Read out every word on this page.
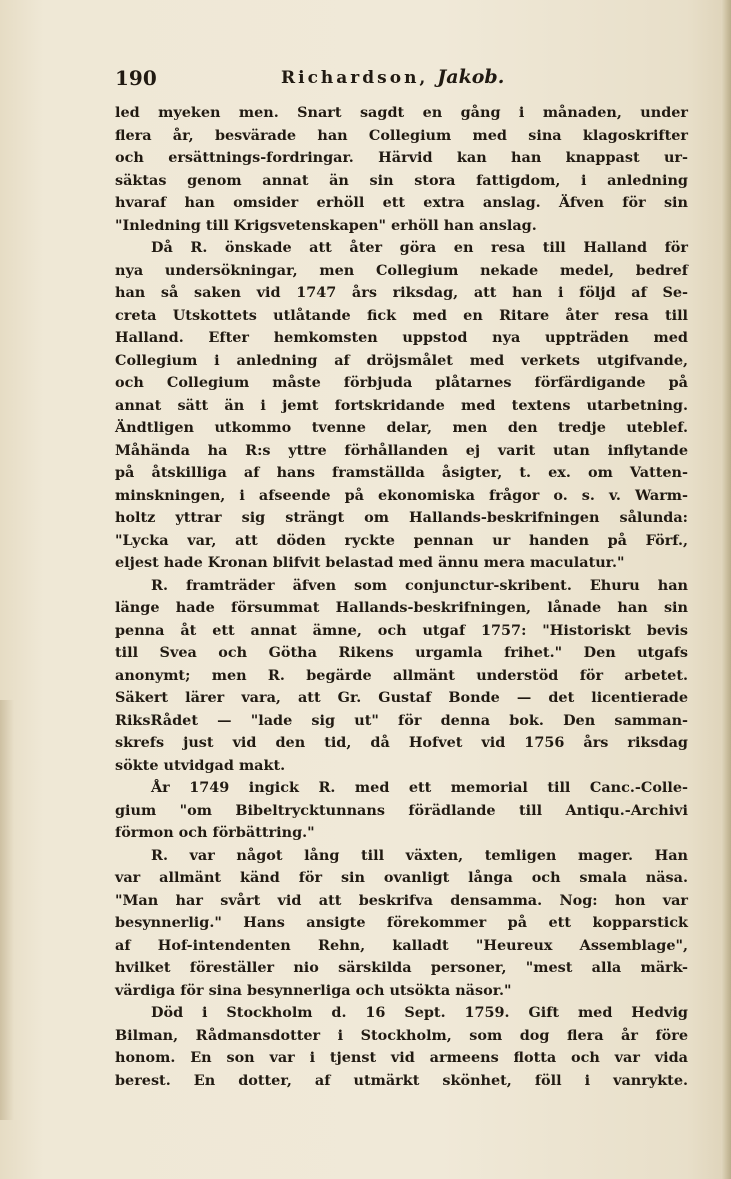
190	Richardson, Jakob.
led myeken men. Snart sagdt en gång i månaden, under
flera år, besvärade han Collegium med sina klagoskrifter
och ersättnings-fordringar. Härvid kan han knappast ur-
säktas genom annat än sin stora fattigdom, i anledning
hvaraf han omsider erhöll ett extra anslag. Äfven för sin
"Inledning till Krigsvetenskapen" erhöll han anslag.
Då R. önskade att åter göra en resa till Halland för
nya undersökningar, men Collegium nekade medel, bedref
han så saken vid 1747 års riksdag, att han i följd af Se-
creta Utskottets utlåtande fick med en Ritare åter resa till
Halland. Efter hemkomsten uppstod nya uppträden med
Collegium i anledning af dröjsmålet med verkets utgifvande,
och Collegium måste förbjuda plåtarnes förfärdigande på
annat sätt än i jemt fortskridande med textens utarbetning.
Ändtligen utkommo tvenne delar, men den tredje uteblef.
Måhända ha R:s yttre förhållanden ej varit utan inflytande
på åtskilliga af hans framställda åsigter, t. ex. om Vatten-
minskningen, i afseende på ekonomiska frågor o. s. v. Warm-
holtz yttrar sig strängt om Hallands-beskrifningen sålunda:
"Lycka var, att döden ryckte pennan ur handen på Förf.,
eljest hade Kronan blifvit belastad med ännu mera maculatur."
R. framträder äfven som conjunctur-skribent. Ehuru han
länge hade försummat Hallands-beskrifningen, lånade han sin
penna åt ett annat ämne, och utgaf 1757: "Historiskt bevis
till Svea och Götha Rikens urgamla frihet." Den utgafs
anonymt; men R. begärde allmänt understöd för arbetet.
Säkert lärer vara, att Gr. Gustaf Bonde — det licentierade
RiksRådet — "lade sig ut" för denna bok. Den samman-
skrefs just vid den tid, då Hofvet vid 1756 års riksdag
sökte utvidgad makt.
År 1749 ingick R. med ett memorial till Canc.-Colle-
gium "om Bibeltrycktunnans förädlande till Antiqu.-Archivi
förmon och förbättring."
R. var något lång till växten, temligen mager. Han
var allmänt känd för sin ovanligt långa och smala näsa.
"Man har svårt vid att beskrifva densamma. Nog: hon var
besynnerlig." Hans ansigte förekommer på ett kopparstick
af Hof-intendenten Rehn, kalladt "Heureux Assemblage",
hvilket föreställer nio särskilda personer, "mest alla märk-
värdiga för sina besynnerliga och utsökta näsor."
Död i Stockholm d. 16 Sept. 1759. Gift med Hedvig
Bilman, Rådmansdotter i Stockholm, som dog flera år före
honom. En son var i tjenst vid armeens flotta och var vida
berest. En dotter, af utmärkt skönhet, föll i vanrykte.
